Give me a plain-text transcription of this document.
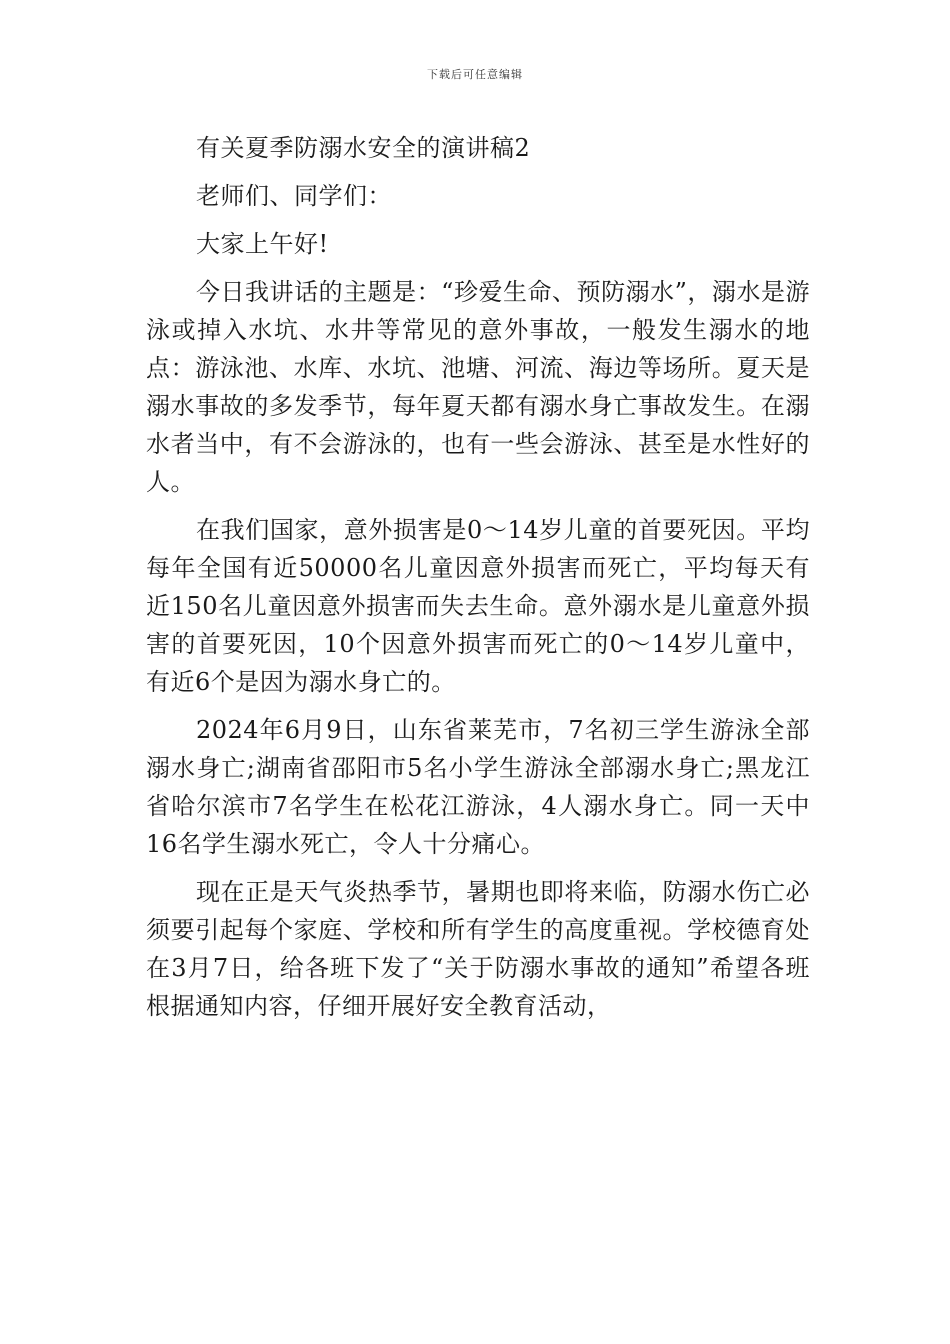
下载后可任意编辑

有关夏季防溺水安全的演讲稿2

老师们、同学们：

大家上午好!

今日我讲话的主题是：“珍爱生命、预防溺水”，溺水是游泳或掉入水坑、水井等常见的意外事故，一般发生溺水的地点：游泳池、水库、水坑、池塘、河流、海边等场所。夏天是溺水事故的多发季节，每年夏天都有溺水身亡事故发生。在溺水者当中，有不会游泳的，也有一些会游泳、甚至是水性好的人。

在我们国家，意外损害是0～14岁儿童的首要死因。平均每年全国有近50000名儿童因意外损害而死亡，平均每天有近150名儿童因意外损害而失去生命。意外溺水是儿童意外损害的首要死因，10个因意外损害而死亡的0～14岁儿童中，有近6个是因为溺水身亡的。

2024年6月9日，山东省莱芜市，7名初三学生游泳全部溺水身亡;湖南省邵阳市5名小学生游泳全部溺水身亡;黑龙江省哈尔滨市7名学生在松花江游泳，4人溺水身亡。同一天中16名学生溺水死亡，令人十分痛心。

现在正是天气炎热季节，暑期也即将来临，防溺水伤亡必须要引起每个家庭、学校和所有学生的高度重视。学校德育处在3月7日，给各班下发了“关于防溺水事故的通知”希望各班根据通知内容，仔细开展好安全教育活动，
